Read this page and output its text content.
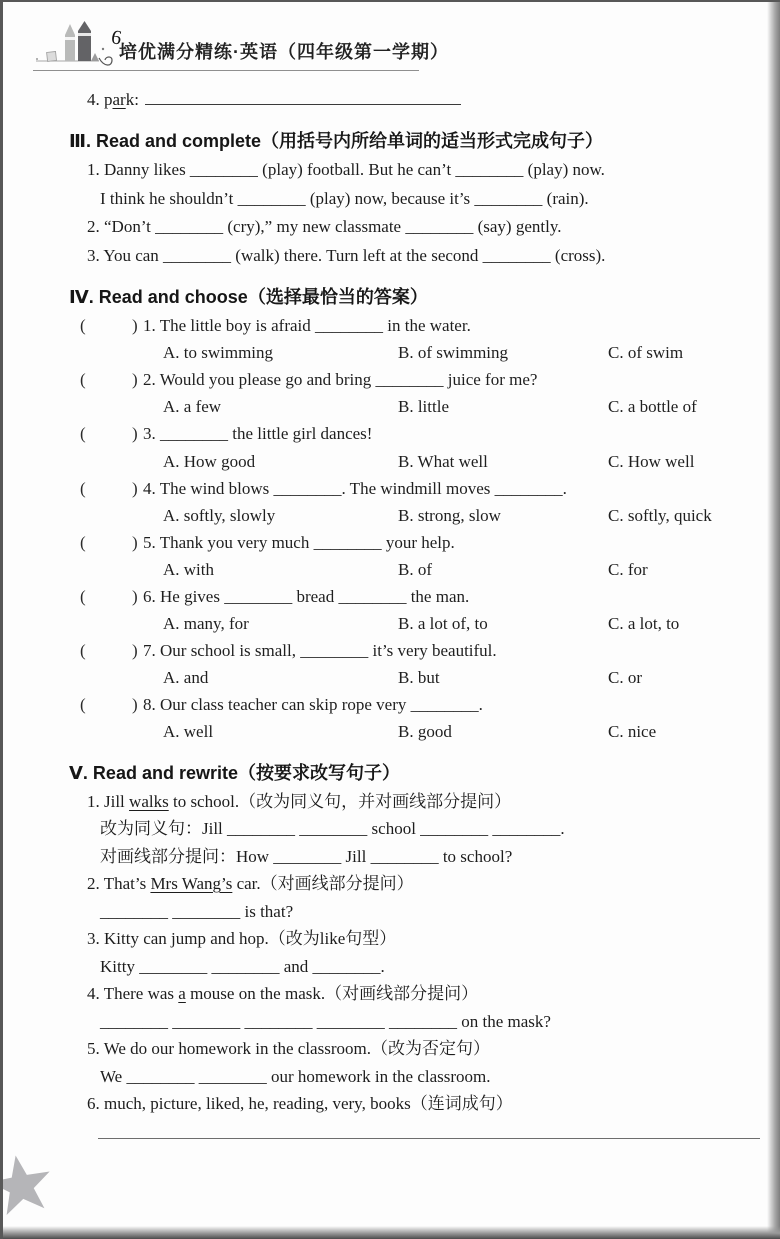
培优满分精练·英语（四年级第一学期）
4. park:
Ⅲ. Read and complete（用括号内所给单词的适当形式完成句子）
1. Danny likes ________ (play) football. But he can’t ________ (play) now.
I think he shouldn’t ________ (play) now, because it’s ________ (rain).
2. “Don’t ________ (cry),” my new classmate ________ (say) gently.
3. You can ________ (walk) there. Turn left at the second ________ (cross).
Ⅳ. Read and choose（选择最恰当的答案）
(	) 1. The little boy is afraid ________ in the water.
A. to swimming	B. of swimming	C. of swim
(	) 2. Would you please go and bring ________ juice for me?
A. a few	B. little	C. a bottle of
(	) 3. ________ the little girl dances!
A. How good	B. What well	C. How well
(	) 4. The wind blows ________. The windmill moves ________.
A. softly, slowly	B. strong, slow	C. softly, quick
(	) 5. Thank you very much ________ your help.
A. with	B. of	C. for
(	) 6. He gives ________ bread ________ the man.
A. many, for	B. a lot of, to	C. a lot, to
(	) 7. Our school is small, ________ it’s very beautiful.
A. and	B. but	C. or
(	) 8. Our class teacher can skip rope very ________.
A. well	B. good	C. nice
Ⅴ. Read and rewrite（按要求改写句子）
1. Jill walks to school.（改为同义句，并对画线部分提问）
改为同义句：Jill ________ ________ school ________ ________.
对画线部分提问：How ________ Jill ________ to school?
2. That’s Mrs Wang’s car.（对画线部分提问）
________ ________ is that?
3. Kitty can jump and hop.（改为like句型）
Kitty ________ ________ and ________.
4. There was a mouse on the mask.（对画线部分提问）
________ ________ ________ ________ ________ on the mask?
5. We do our homework in the classroom.（改为否定句）
We ________ ________ our homework in the classroom.
6. much, picture, liked, he, reading, very, books（连词成句）
6
